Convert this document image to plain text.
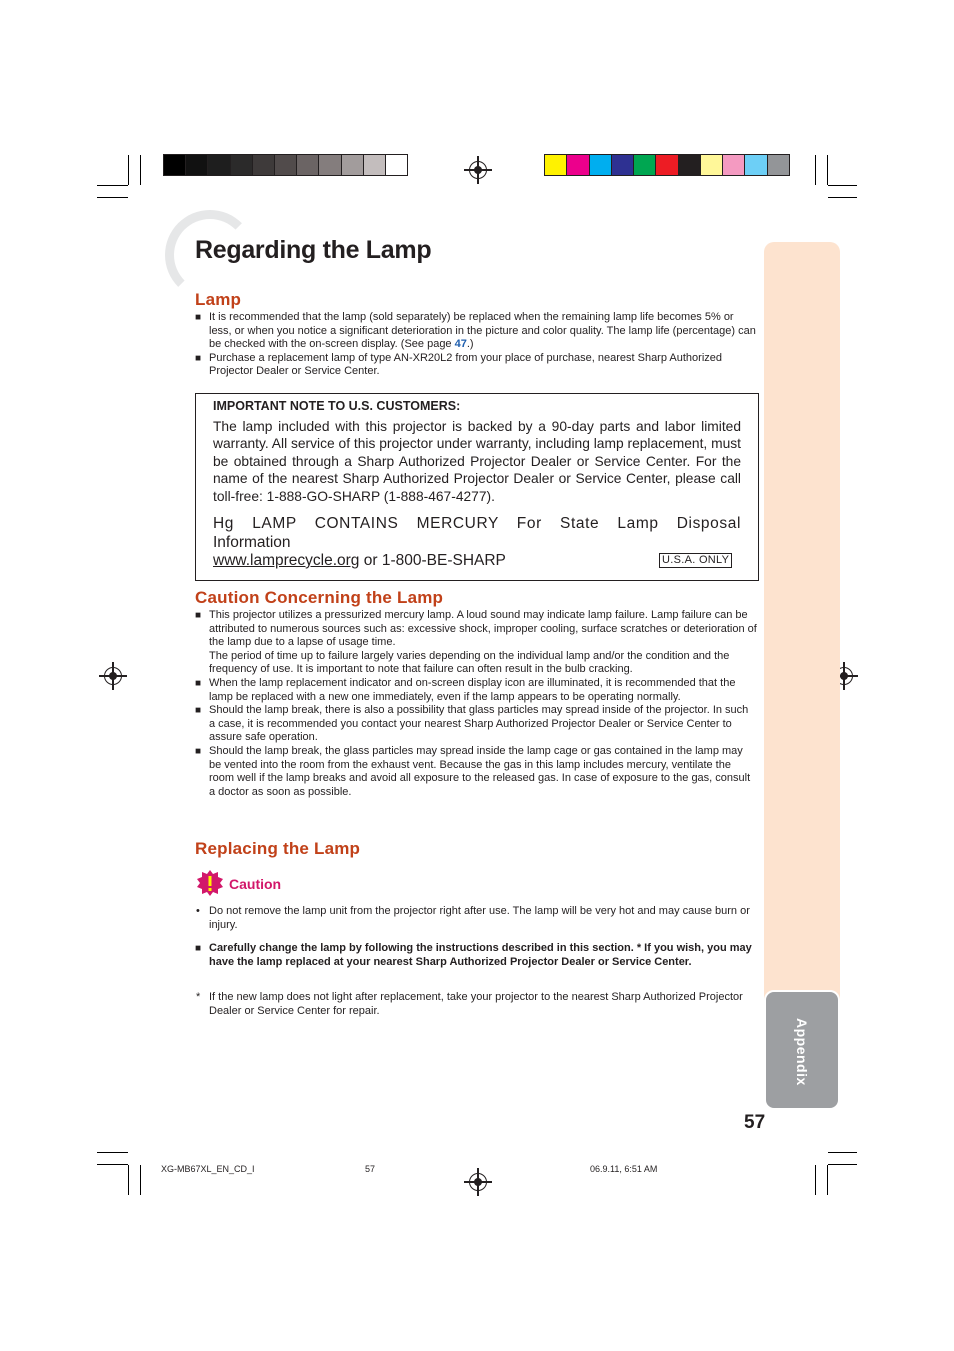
Appendix
57
Regarding the Lamp
Lamp
■ It is recommended that the lamp (sold separately) be replaced when the remaining lamp life becomes 5% or less, or when you notice a significant deterioration in the picture and color quality. The lamp life (percentage) can be checked with the on-screen display. (See page 47.)
■ Purchase a replacement lamp of type AN-XR20L2 from your place of purchase, nearest Sharp Authorized Projector Dealer or Service Center.
IMPORTANT NOTE TO U.S. CUSTOMERS:
The lamp included with this projector is backed by a 90-day parts and labor limited warranty. All service of this projector under warranty, including lamp replacement, must be obtained through a Sharp Authorized Projector Dealer or Service Center. For the name of the nearest Sharp Authorized Projector Dealer or Service Center, please call toll-free: 1-888-GO-SHARP (1-888-467-4277).
Hg LAMP CONTAINS MERCURY For State Lamp Disposal
Information
www.lamprecycle.org or 1-800-BE-SHARP	U.S.A. ONLY
Caution Concerning the Lamp
■ This projector utilizes a pressurized mercury lamp. A loud sound may indicate lamp failure. Lamp failure can be attributed to numerous sources such as: excessive shock, improper cooling, surface scratches or deterioration of the lamp due to a lapse of usage time.
The period of time up to failure largely varies depending on the individual lamp and/or the condition and the frequency of use. It is important to note that failure can often result in the bulb cracking.
■ When the lamp replacement indicator and on-screen display icon are illuminated, it is recommended that the lamp be replaced with a new one immediately, even if the lamp appears to be operating normally.
■ Should the lamp break, there is also a possibility that glass particles may spread inside of the projector. In such a case, it is recommended you contact your nearest Sharp Authorized Projector Dealer or Service Center to assure safe operation.
■ Should the lamp break, the glass particles may spread inside the lamp cage or gas contained in the lamp may be vented into the room from the exhaust vent. Because the gas in this lamp includes mercury, ventilate the room well if the lamp breaks and avoid all exposure to the released gas. In case of exposure to the gas, consult a doctor as soon as possible.
Replacing the Lamp
Caution
• Do not remove the lamp unit from the projector right after use. The lamp will be very hot and may cause burn or injury.
■ Carefully change the lamp by following the instructions described in this section. * If you wish, you may have the lamp replaced at your nearest Sharp Authorized Projector Dealer or Service Center.
* If the new lamp does not light after replacement, take your projector to the nearest Sharp Authorized Projector Dealer or Service Center for repair.
XG-MB67XL_EN_CD_I	57	06.9.11, 6:51 AM
